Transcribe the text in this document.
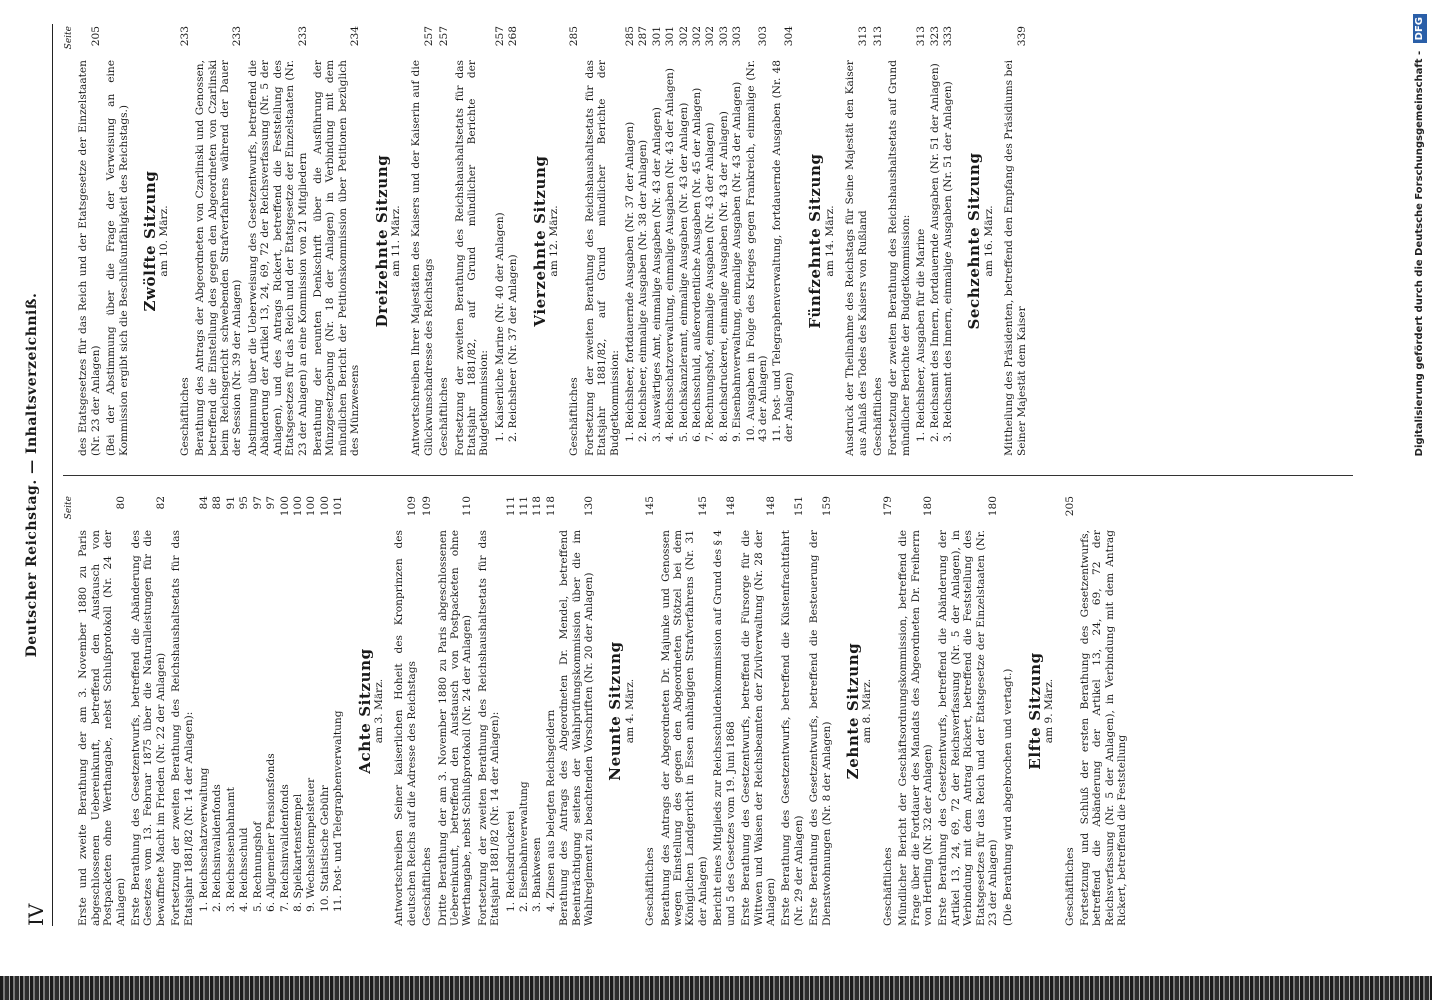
IV
Deutscher Reichstag. — Inhaltsverzeichniß.	Seite
Erste und zweite Berathung der am 3. November 1880 zu Paris abgeschlossenen Uebereinkunft, betreffend den Austausch von Postpacketen ohne Werthangabe, nebst Schlußprotokoll (Nr. 24 der Anlagen)
80
Erste Berathung des Gesetzentwurfs, betreffend die Abänderung des Gesetzes vom 13. Februar 1875 über die Naturalleistungen für die bewaffnete Macht im Frieden (Nr. 22 der Anlagen)
82
Fortsetzung der zweiten Berathung des Reichshaushaltsetats für das Etatsjahr 1881/82 (Nr. 14 der Anlagen): 1. Reichsschatzverwaltung
84
2. Reichsinvalidenfonds
88
3. Reichseisenbahnamt
91
4. Reichsschuld
95
5. Rechnungshof
97
6. Allgemeiner Pensionsfonds
97
7. Reichsinvalidenfonds
100
8. Spielkartenstempel
100
9. Wechselstempelsteuer
100
10. Statistische Gebühr
100
11. Post- und Telegraphenverwaltung
101
Achte Sitzung am 3. März. Antwortschreiben Seiner kaiserlichen Hoheit des Kronprinzen des deutschen Reichs auf die Adresse des Reichstags
109
Geschäftliches
109
Dritte Berathung der am 3. November 1880 zu Paris abgeschlossenen Uebereinkunft, betreffend den Austausch von Postpacketen ohne Werthangabe, nebst Schlußprotokoll (Nr. 24 der Anlagen)
110
Fortsetzung der zweiten Berathung des Reichshaushaltsetats für das Etatsjahr 1881/82 (Nr. 14 der Anlagen): 1. Reichsdruckerei
111
2. Eisenbahnverwaltung
111
3. Bankwesen
118
4. Zinsen aus belegten Reichsgeldern
118
Berathung des Antrags des Abgeordneten Dr. Mendel, betreffend Beeinträchtigung seitens der Wahlprüfungskommission über die im Wahlreglement zu beachtenden Vorschriften (Nr. 20 der Anlagen)
130
Neunte Sitzung am 4. März.
Geschäftliches
145
Berathung des Antrags der Abgeordneten Dr. Majunke und Genossen wegen Einstellung des gegen den Abgeordneten Stötzel bei dem Königlichen Landgericht in Essen anhängigen Strafverfahrens (Nr. 31 der Anlagen)
145
Bericht eines Mitglieds zur Reichsschuldenkommission auf Grund des § 4 und 5 des Gesetzes vom 19. Juni 1868
148
Erste Berathung des Gesetzentwurfs, betreffend die Fürsorge für die Wittwen und Waisen der Reichsbeamten der Zivilverwaltung (Nr. 28 der Anlagen)
148
Erste Berathung des Gesetzentwurfs, betreffend die Küstenfrachtfahrt (Nr. 29 der Anlagen)
151
Erste Berathung des Gesetzentwurfs, betreffend die Besteuerung der Dienstwohnungen (Nr. 8 der Anlagen)
159
Zehnte Sitzung am 8. März.
Geschäftliches
179
Mündlicher Bericht der Geschäftsordnungskommission, betreffend die Frage über die Fortdauer des Mandats des Abgeordneten Dr. Freiherrn von Hertling (Nr. 32 der Anlagen)
180
Erste Berathung des Gesetzentwurfs, betreffend die Abänderung der Artikel 13, 24, 69, 72 der Reichsverfassung (Nr. 5 der Anlagen), in Verbindung mit dem Antrag Rickert, betreffend die Feststellung des Etatsgesetzes für das Reich und der Etatsgesetze der Einzelstaaten (Nr. 23 der Anlagen)
180
(Die Berathung wird abgebrochen und vertagt.) Elfte Sitzung am 9. März.
Geschäftliches
205
Fortsetzung und Schluß der ersten Berathung des Gesetzentwurfs, betreffend die Abänderung der Artikel 13, 24, 69, 72 der Reichsverfassung (Nr. 5 der Anlagen), in Verbindung mit dem Antrag Rickert, betreffend die Feststellung
Seite
des Etatsgesetzes für das Reich und der Etatsgesetze der Einzelstaaten (Nr. 23 der Anlagen)
205
(Bei der Abstimmung über die Frage der Verweisung an eine Kommission ergibt sich die Beschlußunfähigkeit des Reichstags.) Zwölfte Sitzung am 10. März.
Geschäftliches
233
Berathung des Antrags der Abgeordneten von Czarlinski und Genossen, betreffend die Einstellung des gegen den Abgeordneten von Czarlinski beim Reichsgericht schwebenden Strafverfahrens während der Dauer der Session (Nr. 39 der Anlagen)
233
Abstimmung über die Ueberweisung des Gesetzentwurfs, betreffend die Abänderung der Artikel 13, 24, 69, 72 der Reichsverfassung (Nr. 5 der Anlagen), und des Antrags Rickert, betreffend die Feststellung des Etatsgesetzes für das Reich und der Etatsgesetze der Einzelstaaten (Nr. 23 der Anlagen) an eine Kommission von 21 Mitgliedern
233
Berathung der neunten Denkschrift über die Ausführung der Münzgesetzgebung (Nr. 18 der Anlagen) in Verbindung mit dem mündlichen Bericht der Petitionskommission über Petitionen bezüglich des Münzwesens
234
Dreizehnte Sitzung am 11. März. Antwortschreiben Ihrer Majestäten des Kaisers und der Kaiserin auf die Glückwunschadresse des Reichstags
257
Geschäftliches
257
Fortsetzung der zweiten Berathung des Reichshaushaltsetats für das Etatsjahr 1881/82, auf Grund mündlicher Berichte der Budgetkommission: 1. Kaiserliche Marine (Nr. 40 der Anlagen)
257
2. Reichsheer (Nr. 37 der Anlagen)
268
Vierzehnte Sitzung am 12. März.
Geschäftliches
285
Fortsetzung der zweiten Berathung des Reichshaushaltsetats für das Etatsjahr 1881/82, auf Grund mündlicher Berichte der Budgetkommission: 1. Reichsheer, fortdauernde Ausgaben (Nr. 37 der Anlagen)
285
2. Reichsheer, einmalige Ausgaben (Nr. 38 der Anlagen)
287
3. Auswärtiges Amt, einmalige Ausgaben (Nr. 43 der Anlagen)
301
4. Reichsschatzverwaltung, einmalige Ausgaben (Nr. 43 der Anlagen)
301
5. Reichskanzleramt, einmalige Ausgaben (Nr. 43 der Anlagen)
302
6. Reichsschuld, außerordentliche Ausgaben (Nr. 45 der Anlagen)
302
7. Rechnungshof, einmalige Ausgaben (Nr. 43 der Anlagen)
302
8. Reichsdruckerei, einmalige Ausgaben (Nr. 43 der Anlagen)
303
9. Eisenbahnverwaltung, einmalige Ausgaben (Nr. 43 der Anlagen)
303
10. Ausgaben in Folge des Krieges gegen Frankreich, einmalige (Nr. 43 der Anlagen)
303
11. Post- und Telegraphenverwaltung, fortdauernde Ausgaben (Nr. 48 der Anlagen)
304
Fünfzehnte Sitzung am 14. März. Ausdruck der Theilnahme des Reichstags für Seine Majestät den Kaiser aus Anlaß des Todes des Kaisers von Rußland
313
Geschäftliches
313
Fortsetzung der zweiten Berathung des Reichshaushaltsetats auf Grund mündlicher Berichte der Budgetkommission: 1. Reichsheer, Ausgaben für die Marine
313
2. Reichsamt des Innern, fortdauernde Ausgaben (Nr. 51 der Anlagen)
323
3. Reichsamt des Innern, einmalige Ausgaben (Nr. 51 der Anlagen)
333
Sechzehnte Sitzung am 16. März. Mittheilung des Präsidenten, betreffend den Empfang des Präsidiums bei Seiner Majestät dem Kaiser
339
Digitalisierung gefördert durch die Deutsche Forschungsgemeinschaft - DFG
